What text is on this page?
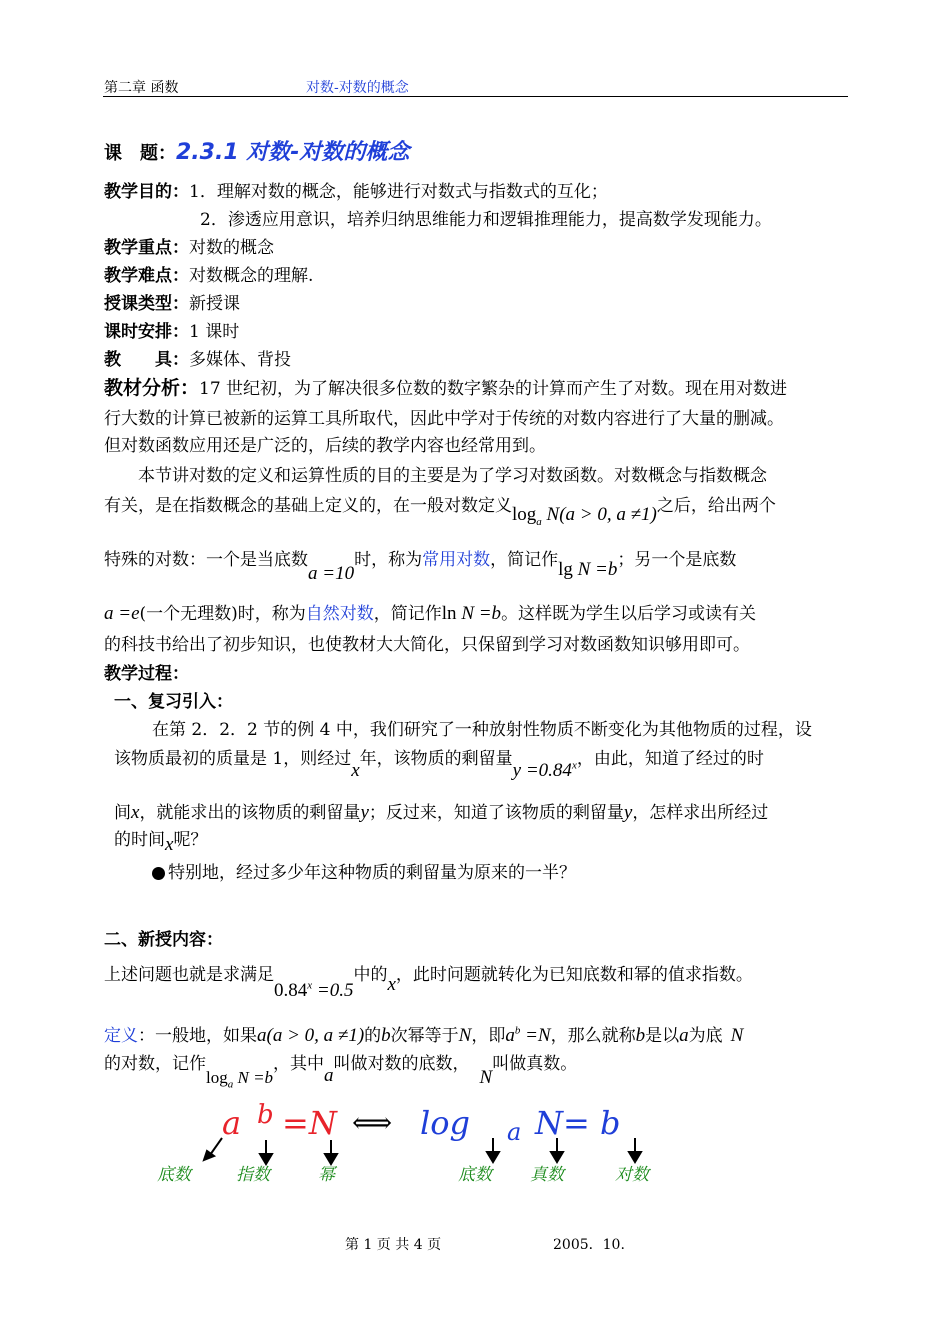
第二章 函数	对数-对数的概念
课　题：2.3.1 对数-对数的概念
教学目的：1．理解对数的概念，能够进行对数式与指数式的互化；
2．渗透应用意识，培养归纳思维能力和逻辑推理能力，提高数学发现能力。
教学重点：对数的概念
教学难点：对数概念的理解.
授课类型：新授课
课时安排：1 课时
教　　具：多媒体、背投
教材分析：17 世纪初，为了解决很多位数的数字繁杂的计算而产生了对数。现在用对数进
行大数的计算已被新的运算工具所取代，因此中学对于传统的对数内容进行了大量的删减。
但对数函数应用还是广泛的，后续的教学内容也经常用到。
本节讲对数的定义和运算性质的目的主要是为了学习对数函数。对数概念与指数概念
有关，是在指数概念的基础上定义的，在一般对数定义$\log_a N(a > 0$, a ≠1)之后，给出两个
特殊的对数：一个是当底数a =10时，称为常用对数，简记作lg N =b；另一个是底数
a =e(一个无理数)时，称为自然对数，简记作ln N =b。这样既为学生以后学习或读有关
的科技书给出了初步知识，也使教材大大简化，只保留到学习对数函数知识够用即可。
教学过程：
一、复习引入：
在第 2．2．2 节的例 4 中，我们研究了一种放射性物质不断变化为其他物质的过程，设
该物质最初的质量是 1，则经过x年，该物质的剩留量$y =0.84^x$，由此，知道了经过的时
间x，就能求出的该物质的剩留量y；反过来，知道了该物质的剩留量y，怎样求出所经过
的时间x呢？
特别地，经过多少年这种物质的剩留量为原来的一半？
二、新授内容：
上述问题也就是求满足$0.84^x =0.5$中的x，此时问题就转化为已知底数和幂的值求指数。
定义：一般地，如果a(a > 0, a ≠1)的b次幂等于N，即$a^b =N$，那么就称b是以a为底 N
的对数，记作$\log_a N =b$，其中a叫做对数的底数，N叫做真数。
a b =N ⟺ log a N= b
底数	指数	幂	底数 真数	对数
第 1 页 共 4 页	2005．10.
